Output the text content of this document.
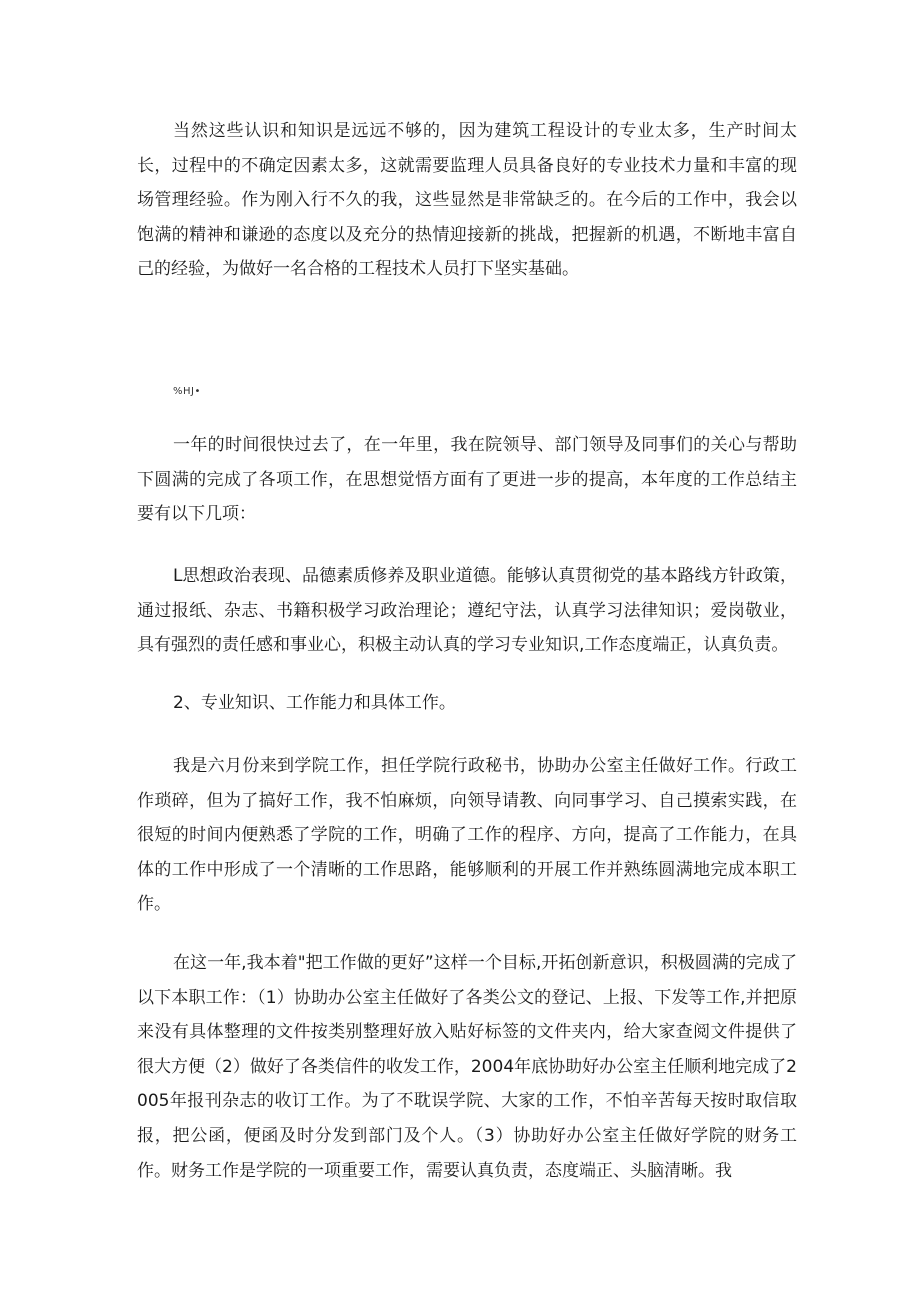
当然这些认识和知识是远远不够的，因为建筑工程设计的专业太多，生产时间太长，过程中的不确定因素太多，这就需要监理人员具备良好的专业技术力量和丰富的现场管理经验。作为刚入行不久的我，这些显然是非常缺乏的。在今后的工作中，我会以饱满的精神和谦逊的态度以及充分的热情迎接新的挑战，把握新的机遇，不断地丰富自己的经验，为做好一名合格的工程技术人员打下坚实基础。

%HJ•

一年的时间很快过去了，在一年里，我在院领导、部门领导及同事们的关心与帮助下圆满的完成了各项工作，在思想觉悟方面有了更进一步的提高，本年度的工作总结主要有以下几项：

L思想政治表现、品德素质修养及职业道德。能够认真贯彻党的基本路线方针政策，通过报纸、杂志、书籍积极学习政治理论；遵纪守法，认真学习法律知识；爱岗敬业，具有强烈的责任感和事业心，积极主动认真的学习专业知识,工作态度端正，认真负责。

2、专业知识、工作能力和具体工作。

我是六月份来到学院工作，担任学院行政秘书，协助办公室主任做好工作。行政工作琐碎，但为了搞好工作，我不怕麻烦，向领导请教、向同事学习、自己摸索实践，在很短的时间内便熟悉了学院的工作，明确了工作的程序、方向，提高了工作能力，在具体的工作中形成了一个清晰的工作思路，能够顺利的开展工作并熟练圆满地完成本职工作。

在这一年,我本着"把工作做的更好”这样一个目标,开拓创新意识，积极圆满的完成了以下本职工作：（1）协助办公室主任做好了各类公文的登记、上报、下发等工作,并把原来没有具体整理的文件按类别整理好放入贴好标签的文件夹内，给大家查阅文件提供了很大方便（2）做好了各类信件的收发工作，2004年底协助好办公室主任顺利地完成了2005年报刊杂志的收订工作。为了不耽误学院、大家的工作，不怕辛苦每天按时取信取报，把公函，便函及时分发到部门及个人。（3）协助好办公室主任做好学院的财务工作。财务工作是学院的一项重要工作，需要认真负责，态度端正、头脑清晰。我
